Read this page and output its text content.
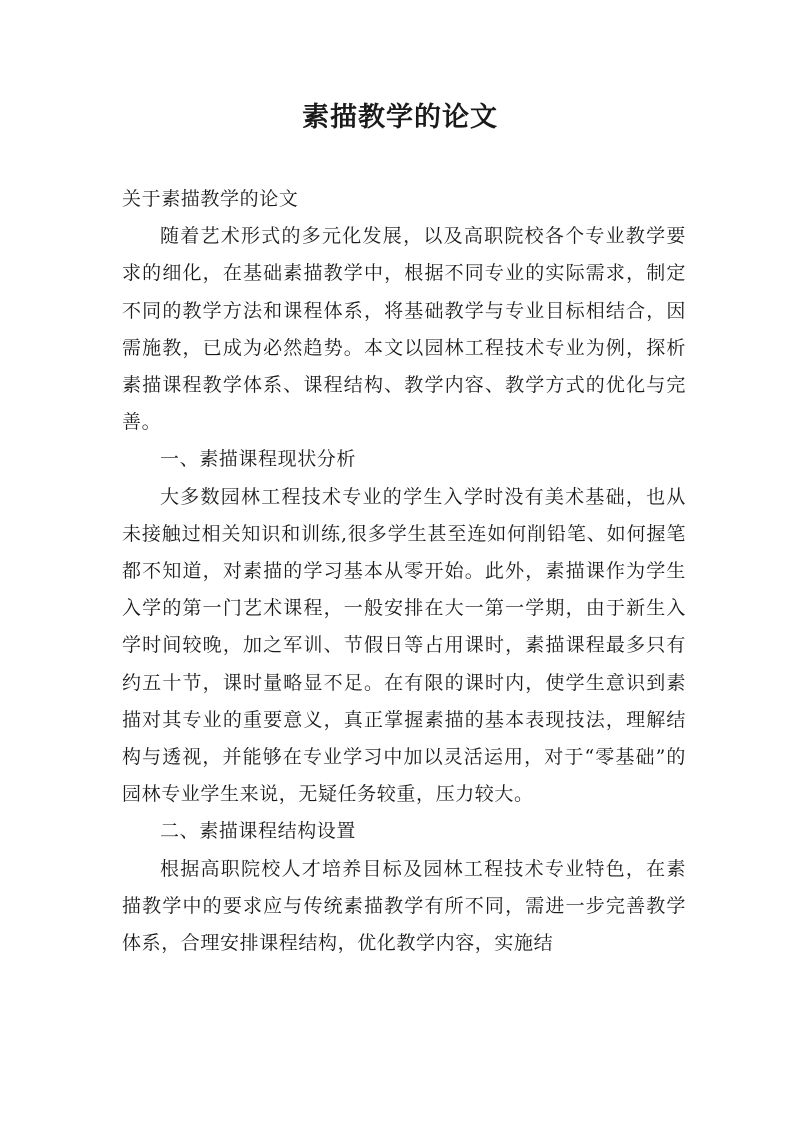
素描教学的论文

关于素描教学的论文

随着艺术形式的多元化发展，以及高职院校各个专业教学要求的细化，在基础素描教学中，根据不同专业的实际需求，制定不同的教学方法和课程体系，将基础教学与专业目标相结合，因需施教，已成为必然趋势。本文以园林工程技术专业为例，探析素描课程教学体系、课程结构、教学内容、教学方式的优化与完善。

一、素描课程现状分析

大多数园林工程技术专业的学生入学时没有美术基础，也从未接触过相关知识和训练,很多学生甚至连如何削铅笔、如何握笔都不知道，对素描的学习基本从零开始。此外，素描课作为学生入学的第一门艺术课程，一般安排在大一第一学期，由于新生入学时间较晚，加之军训、节假日等占用课时，素描课程最多只有约五十节，课时量略显不足。在有限的课时内，使学生意识到素描对其专业的重要意义，真正掌握素描的基本表现技法，理解结构与透视，并能够在专业学习中加以灵活运用，对于“零基础”的园林专业学生来说，无疑任务较重，压力较大。

二、素描课程结构设置

根据高职院校人才培养目标及园林工程技术专业特色，在素描教学中的要求应与传统素描教学有所不同，需进一步完善教学体系，合理安排课程结构，优化教学内容，实施结
